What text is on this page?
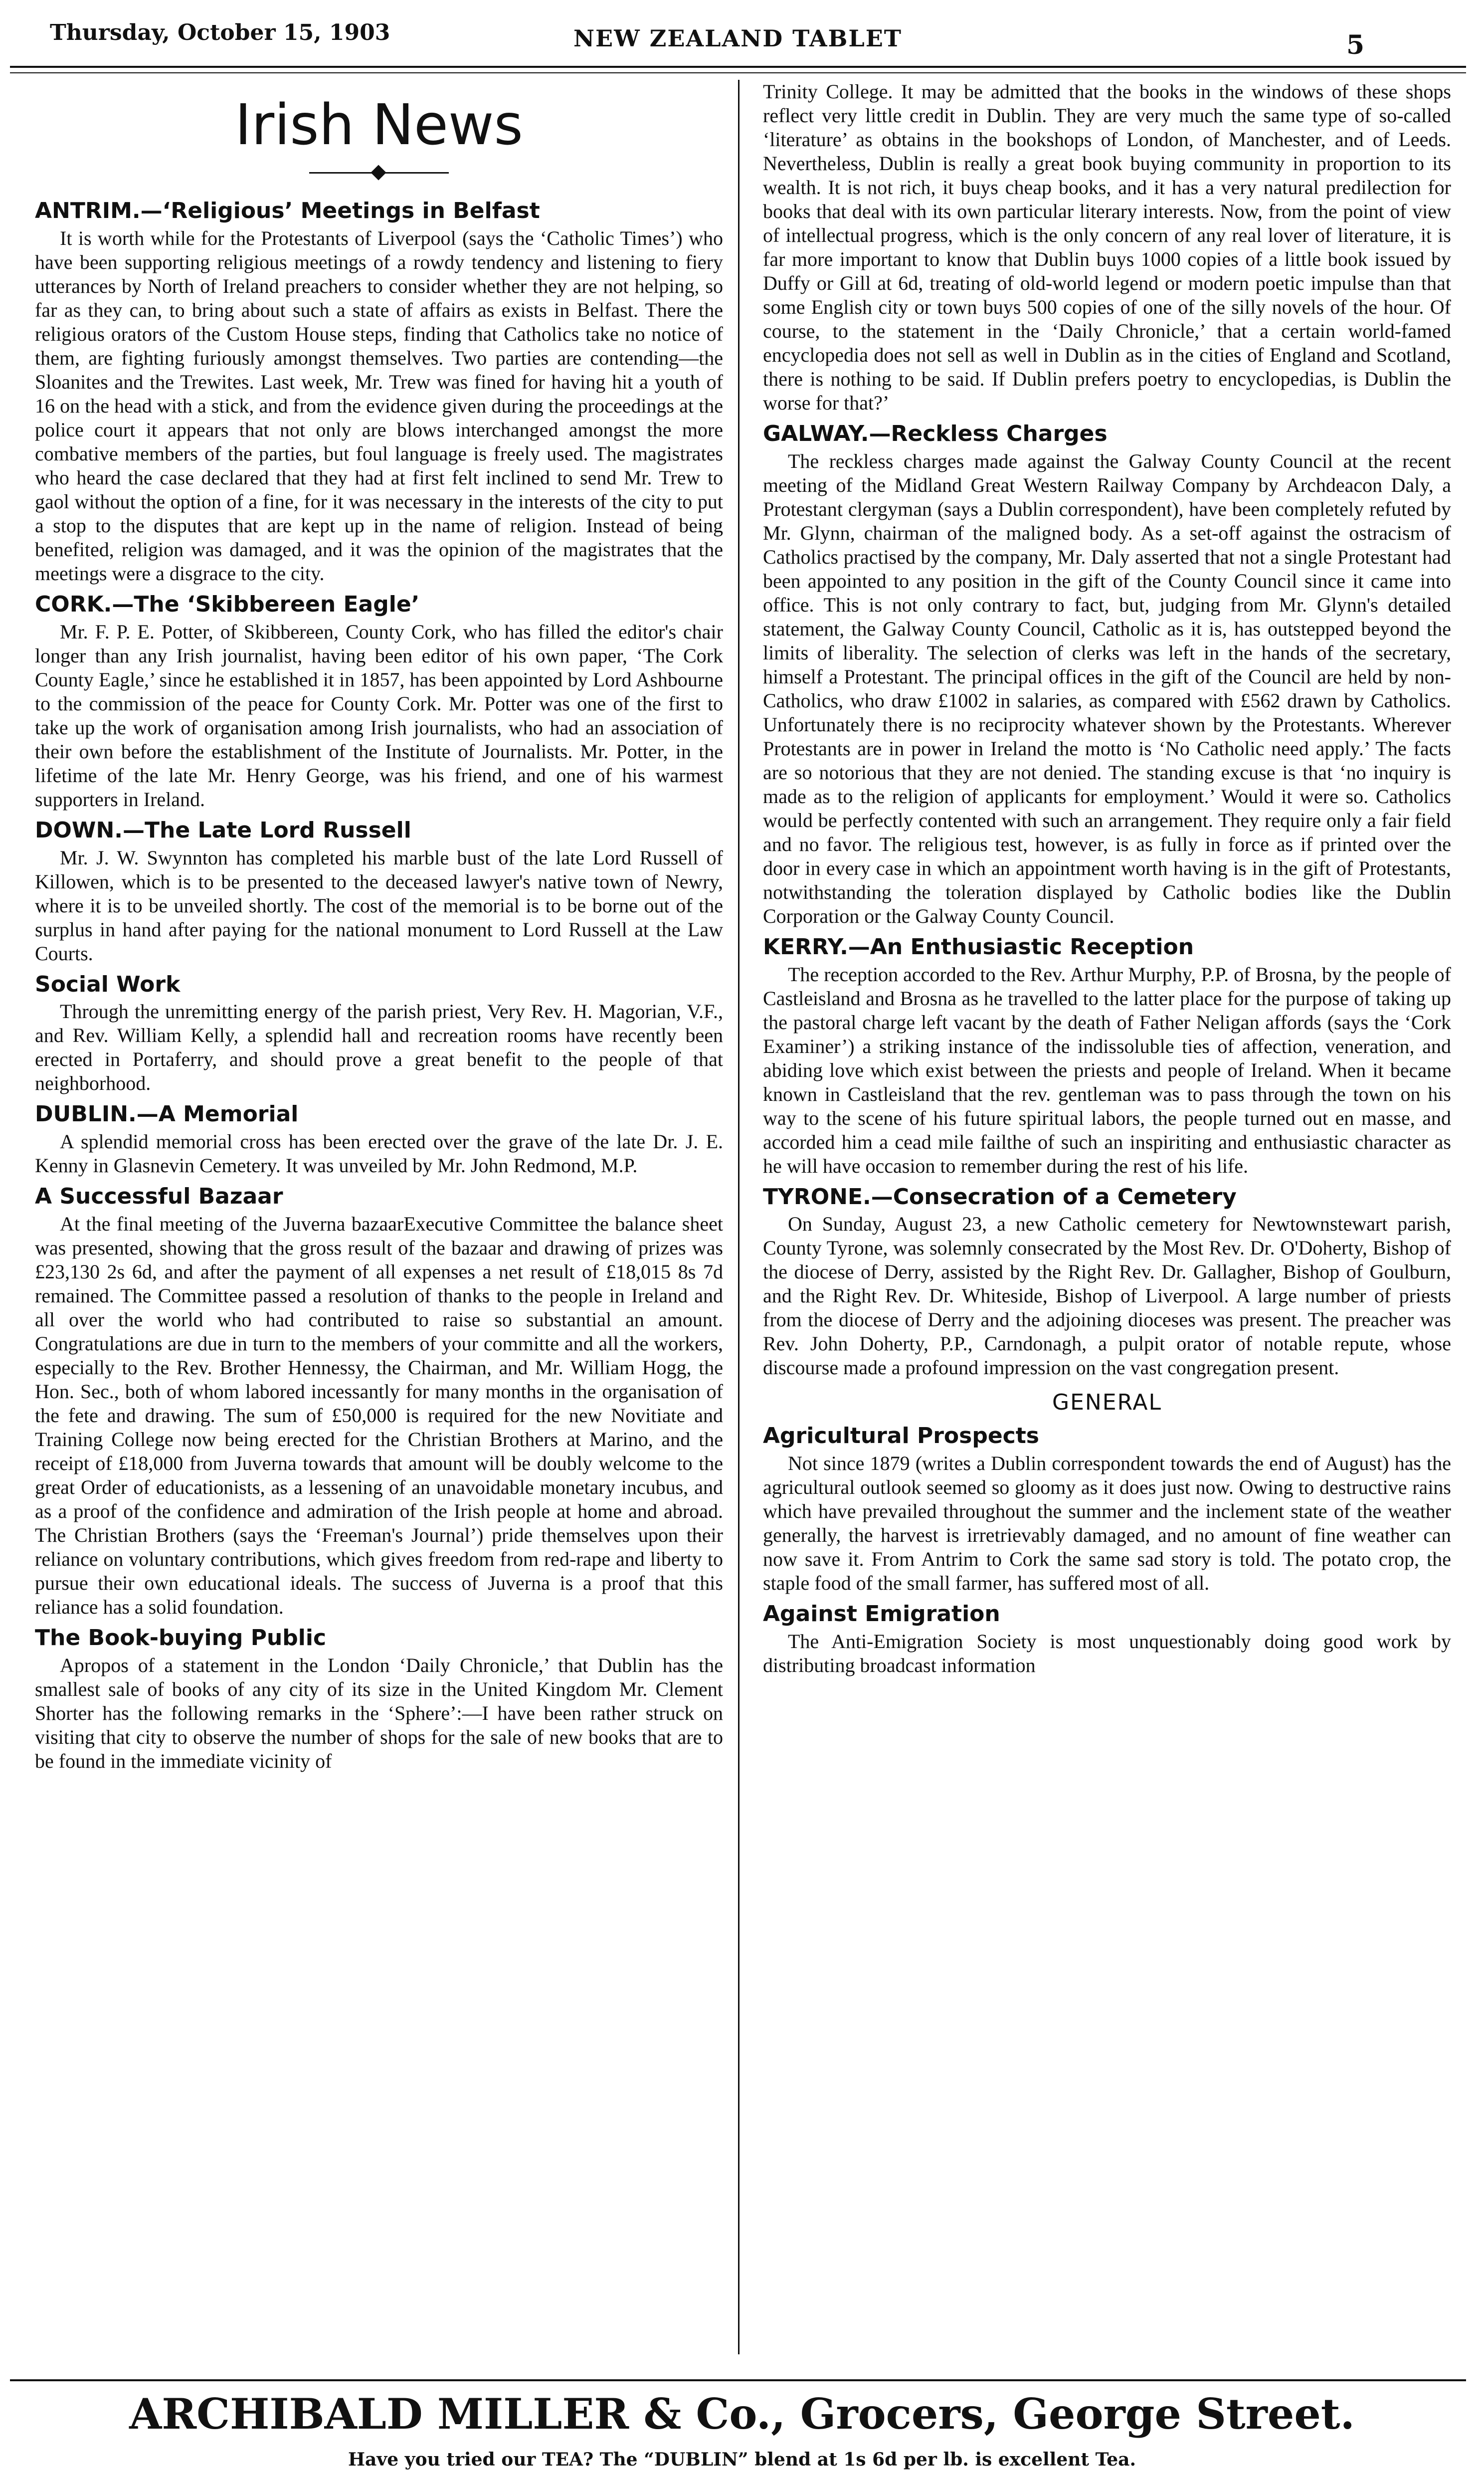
Thursday, October 15, 1903	NEW ZEALAND TABLET	5
Irish News
ANTRIM.—‘Religious’ Meetings in Belfast

It is worth while for the Protestants of Liverpool (says the ‘Catholic Times’) who have been supporting religious meetings of a rowdy tendency and listening to fiery utterances by North of Ireland preachers to consider whether they are not helping, so far as they can, to bring about such a state of affairs as exists in Belfast. There the religious orators of the Custom House steps, finding that Catholics take no notice of them, are fighting furiously amongst themselves. Two parties are contending—the Sloanites and the Trewites. Last week, Mr. Trew was fined for having hit a youth of 16 on the head with a stick, and from the evidence given during the proceedings at the police court it appears that not only are blows interchanged amongst the more combative members of the parties, but foul language is freely used. The magistrates who heard the case declared that they had at first felt inclined to send Mr. Trew to gaol without the option of a fine, for it was necessary in the interests of the city to put a stop to the disputes that are kept up in the name of religion. Instead of being benefited, religion was damaged, and it was the opinion of the magistrates that the meetings were a disgrace to the city.

CORK.—The ‘Skibbereen Eagle’

Mr. F. P. E. Potter, of Skibbereen, County Cork, who has filled the editor's chair longer than any Irish journalist, having been editor of his own paper, ‘The Cork County Eagle,’ since he established it in 1857, has been appointed by Lord Ashbourne to the commission of the peace for County Cork. Mr. Potter was one of the first to take up the work of organisation among Irish journalists, who had an association of their own before the establishment of the Institute of Journalists. Mr. Potter, in the lifetime of the late Mr. Henry George, was his friend, and one of his warmest supporters in Ireland.

DOWN.—The Late Lord Russell

Mr. J. W. Swynnton has completed his marble bust of the late Lord Russell of Killowen, which is to be presented to the deceased lawyer's native town of Newry, where it is to be unveiled shortly. The cost of the memorial is to be borne out of the surplus in hand after paying for the national monument to Lord Russell at the Law Courts.

Social Work

Through the unremitting energy of the parish priest, Very Rev. H. Magorian, V.F., and Rev. William Kelly, a splendid hall and recreation rooms have recently been erected in Portaferry, and should prove a great benefit to the people of that neighborhood.

DUBLIN.—A Memorial

A splendid memorial cross has been erected over the grave of the late Dr. J. E. Kenny in Glasnevin Cemetery. It was unveiled by Mr. John Redmond, M.P.

A Successful Bazaar

At the final meeting of the Juverna bazaarExecutive Committee the balance sheet was presented, showing that the gross result of the bazaar and drawing of prizes was £23,130 2s 6d, and after the payment of all expenses a net result of £18,015 8s 7d remained. The Committee passed a resolution of thanks to the people in Ireland and all over the world who had contributed to raise so substantial an amount. Congratulations are due in turn to the members of your committe and all the workers, especially to the Rev. Brother Hennessy, the Chairman, and Mr. William Hogg, the Hon. Sec., both of whom labored incessantly for many months in the organisation of the fete and drawing. The sum of £50,000 is required for the new Novitiate and Training College now being erected for the Christian Brothers at Marino, and the receipt of £18,000 from Juverna towards that amount will be doubly welcome to the great Order of educationists, as a lessening of an unavoidable monetary incubus, and as a proof of the confidence and admiration of the Irish people at home and abroad. The Christian Brothers (says the ‘Freeman's Journal’) pride themselves upon their reliance on voluntary contributions, which gives freedom from red-rape and liberty to pursue their own educational ideals. The success of Juverna is a proof that this reliance has a solid foundation.

The Book-buying Public

Apropos of a statement in the London ‘Daily Chronicle,’ that Dublin has the smallest sale of books of any city of its size in the United Kingdom Mr. Clement Shorter has the following remarks in the ‘Sphere’:—I have been rather struck on visiting that city to observe the number of shops for the sale of new books that are to be found in the immediate vicinity of

Trinity College. It may be admitted that the books in the windows of these shops reflect very little credit in Dublin. They are very much the same type of so-called ‘literature’ as obtains in the bookshops of London, of Manchester, and of Leeds. Nevertheless, Dublin is really a great book buying community in proportion to its wealth. It is not rich, it buys cheap books, and it has a very natural predilection for books that deal with its own particular literary interests. Now, from the point of view of intellectual progress, which is the only concern of any real lover of literature, it is far more important to know that Dublin buys 1000 copies of a little book issued by Duffy or Gill at 6d, treating of old-world legend or modern poetic impulse than that some English city or town buys 500 copies of one of the silly novels of the hour. Of course, to the statement in the ‘Daily Chronicle,’ that a certain world-famed encyclopedia does not sell as well in Dublin as in the cities of England and Scotland, there is nothing to be said. If Dublin prefers poetry to encyclopedias, is Dublin the worse for that?’

GALWAY.—Reckless Charges

The reckless charges made against the Galway County Council at the recent meeting of the Midland Great Western Railway Company by Archdeacon Daly, a Protestant clergyman (says a Dublin correspondent), have been completely refuted by Mr. Glynn, chairman of the maligned body. As a set-off against the ostracism of Catholics practised by the company, Mr. Daly asserted that not a single Protestant had been appointed to any position in the gift of the County Council since it came into office. This is not only contrary to fact, but, judging from Mr. Glynn's detailed statement, the Galway County Council, Catholic as it is, has outstepped beyond the limits of liberality. The selection of clerks was left in the hands of the secretary, himself a Protestant. The principal offices in the gift of the Council are held by non-Catholics, who draw £1002 in salaries, as compared with £562 drawn by Catholics. Unfortunately there is no reciprocity whatever shown by the Protestants. Wherever Protestants are in power in Ireland the motto is ‘No Catholic need apply.’ The facts are so notorious that they are not denied. The standing excuse is that ‘no inquiry is made as to the religion of applicants for employment.’ Would it were so. Catholics would be perfectly contented with such an arrangement. They require only a fair field and no favor. The religious test, however, is as fully in force as if printed over the door in every case in which an appointment worth having is in the gift of Protestants, notwithstanding the toleration displayed by Catholic bodies like the Dublin Corporation or the Galway County Council.

KERRY.—An Enthusiastic Reception

The reception accorded to the Rev. Arthur Murphy, P.P. of Brosna, by the people of Castleisland and Brosna as he travelled to the latter place for the purpose of taking up the pastoral charge left vacant by the death of Father Neligan affords (says the ‘Cork Examiner’) a striking instance of the indissoluble ties of affection, veneration, and abiding love which exist between the priests and people of Ireland. When it became known in Castleisland that the rev. gentleman was to pass through the town on his way to the scene of his future spiritual labors, the people turned out en masse, and accorded him a cead mile failthe of such an inspiriting and enthusiastic character as he will have occasion to remember during the rest of his life.

TYRONE.—Consecration of a Cemetery

On Sunday, August 23, a new Catholic cemetery for Newtownstewart parish, County Tyrone, was solemnly consecrated by the Most Rev. Dr. O'Doherty, Bishop of the diocese of Derry, assisted by the Right Rev. Dr. Gallagher, Bishop of Goulburn, and the Right Rev. Dr. Whiteside, Bishop of Liverpool. A large number of priests from the diocese of Derry and the adjoining dioceses was present. The preacher was Rev. John Doherty, P.P., Carndonagh, a pulpit orator of notable repute, whose discourse made a profound impression on the vast congregation present.

GENERAL
Agricultural Prospects

Not since 1879 (writes a Dublin correspondent towards the end of August) has the agricultural outlook seemed so gloomy as it does just now. Owing to destructive rains which have prevailed throughout the summer and the inclement state of the weather generally, the harvest is irretrievably damaged, and no amount of fine weather can now save it. From Antrim to Cork the same sad story is told. The potato crop, the staple food of the small farmer, has suffered most of all.

Against Emigration

The Anti-Emigration Society is most unquestionably doing good work by distributing broadcast information

ARCHIBALD MILLER & Co., Grocers, George Street.
Have you tried our TEA? The “DUBLIN” blend at 1s 6d per lb. is excellent Tea.
